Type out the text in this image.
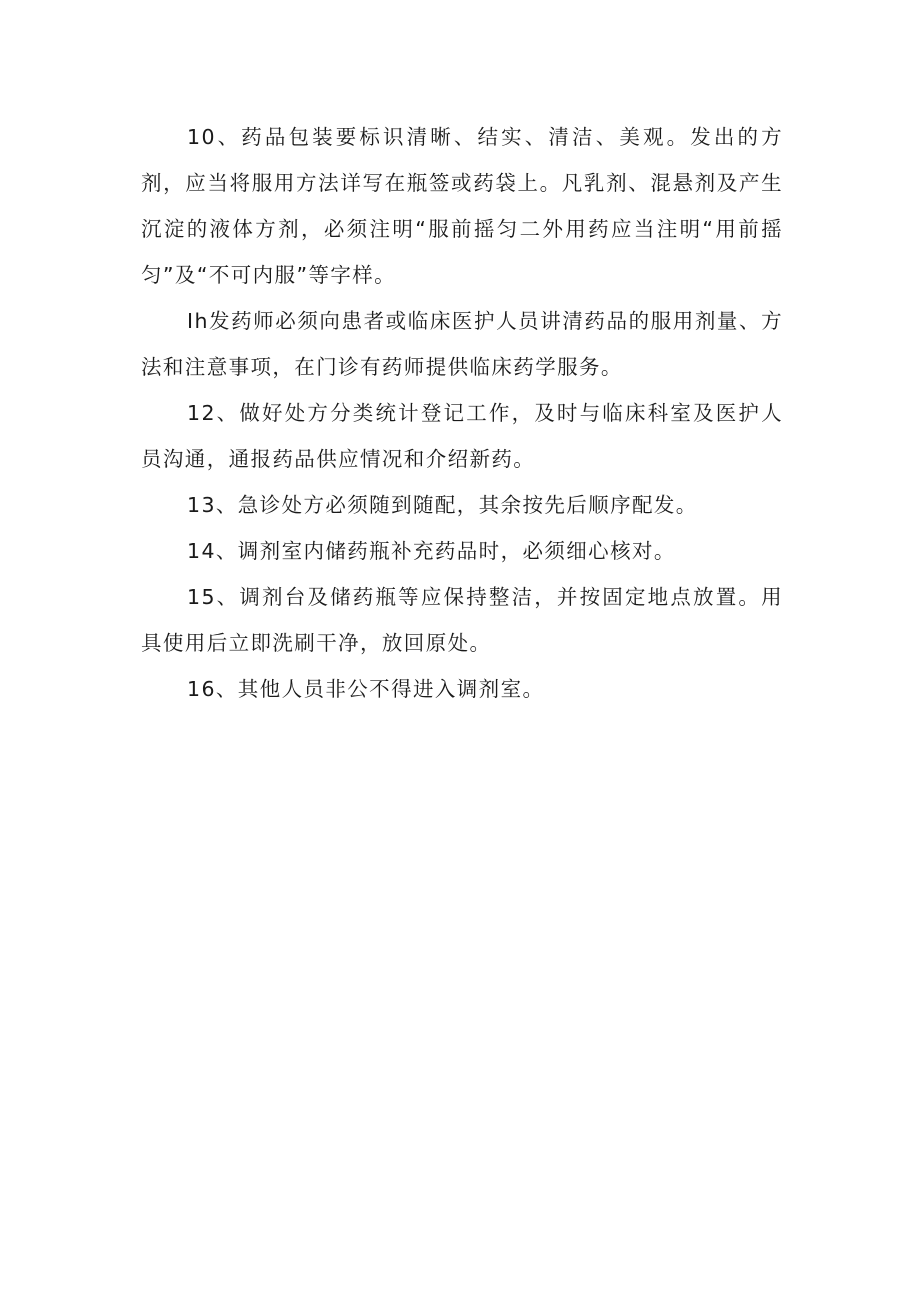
10、药品包装要标识清晰、结实、清洁、美观。发出的方剂，应当将服用方法详写在瓶签或药袋上。凡乳剂、混悬剂及产生沉淀的液体方剂，必须注明“服前摇匀二外用药应当注明“用前摇匀”及“不可内服”等字样。

Ih发药师必须向患者或临床医护人员讲清药品的服用剂量、方法和注意事项，在门诊有药师提供临床药学服务。

12、做好处方分类统计登记工作，及时与临床科室及医护人员沟通，通报药品供应情况和介绍新药。

13、急诊处方必须随到随配，其余按先后顺序配发。

14、调剂室内储药瓶补充药品时，必须细心核对。

15、调剂台及储药瓶等应保持整洁，并按固定地点放置。用具使用后立即洗刷干净，放回原处。

16、其他人员非公不得进入调剂室。
